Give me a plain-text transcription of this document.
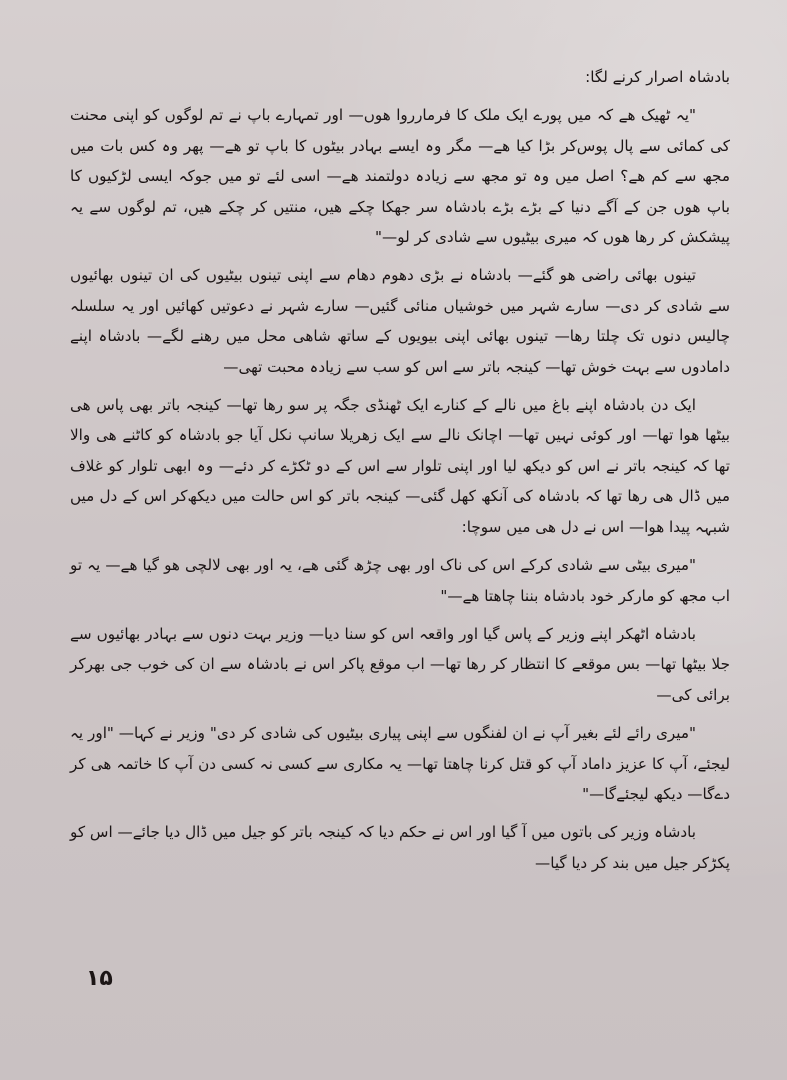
بادشاہ اصرار کرنے لگا:

"یہ ٹھیک ھے کہ میں پورے ایک ملک کا فرمارروا ھوں— اور تمہارے باپ نے تم لوگوں کو اپنی محنت کی کمائی سے پال پوس‌کر بڑا کیا ھے— مگر وہ ایسے بہادر بیٹوں کا باپ تو ھے— پھر وہ کس بات میں مجھ سے کم ھے؟ اصل میں وہ تو مجھ سے زیادہ دولتمند ھے— اسی لئے تو میں جوکہ ایسی لڑکیوں کا باپ ھوں جن کے آگے دنیا کے بڑے بڑے بادشاہ سر جھکا چکے ھیں، منتیں کر چکے ھیں، تم لوگوں سے یہ پیشکش کر رھا ھوں کہ میری بیٹیوں سے شادی کر لو—"

تینوں بھائی راضی ھو گئے— بادشاہ نے بڑی دھوم دھام سے اپنی تینوں بیٹیوں کی ان تینوں بھائیوں سے شادی کر دی— سارے شہر میں خوشیاں منائی گئیں— سارے شہر نے دعوتیں کھائیں اور یہ سلسلہ چالیس دنوں تک چلتا رھا— تینوں بھائی اپنی بیویوں کے ساتھ شاھی محل میں رھنے لگے— بادشاہ اپنے دامادوں سے بہت خوش تھا— کینجہ باتر سے اس کو سب سے زیادہ محبت تھی—

ایک دن بادشاہ اپنے باغ میں نالے کے کنارے ایک ٹھنڈی جگہ پر سو رھا تھا— کینجہ باتر بھی پاس ھی بیٹھا ھوا تھا— اور کوئی نہیں تھا— اچانک نالے سے ایک زھریلا سانپ نکل آیا جو بادشاہ کو کاٹنے ھی والا تھا کہ کینجہ باتر نے اس کو دیکھ لیا اور اپنی تلوار سے اس کے دو ٹکڑے کر دئے— وہ ابھی تلوار کو غلاف میں ڈال ھی رھا تھا کہ بادشاہ کی آنکھ کھل گئی— کینجہ باتر کو اس حالت میں دیکھ‌کر اس کے دل میں شبہہ پیدا ھوا— اس نے دل ھی میں سوچا:

"میری بیٹی سے شادی کرکے اس کی ناک اور بھی چڑھ گئی ھے، یہ اور بھی لالچی ھو گیا ھے— یہ تو اب مجھ کو مارکر خود بادشاہ بننا چاھتا ھے—"

بادشاہ اٹھکر اپنے وزیر کے پاس گیا اور واقعہ اس کو سنا دیا— وزیر بہت دنوں سے بہادر بھائیوں سے جلا بیٹھا تھا— بس موقعے کا انتظار کر رھا تھا— اب موقع پاکر اس نے بادشاہ سے ان کی خوب جی بھرکر برائی کی—

"میری رائے لئے بغیر آپ نے ان لفنگوں سے اپنی پیاری بیٹیوں کی شادی کر دی" وزیر نے کہا— "اور یہ لیجئے، آپ کا عزیز داماد آپ کو قتل کرنا چاھتا تھا— یہ مکاری سے کسی نہ کسی دن آپ کا خاتمہ ھی کر دے‌گا— دیکھ لیجئے‌گا—"

بادشاہ وزیر کی باتوں میں آ گیا اور اس نے حکم دیا کہ کینجہ باتر کو جیل میں ڈال دیا جائے— اس کو پکڑکر جیل میں بند کر دیا گیا—

۱۵
